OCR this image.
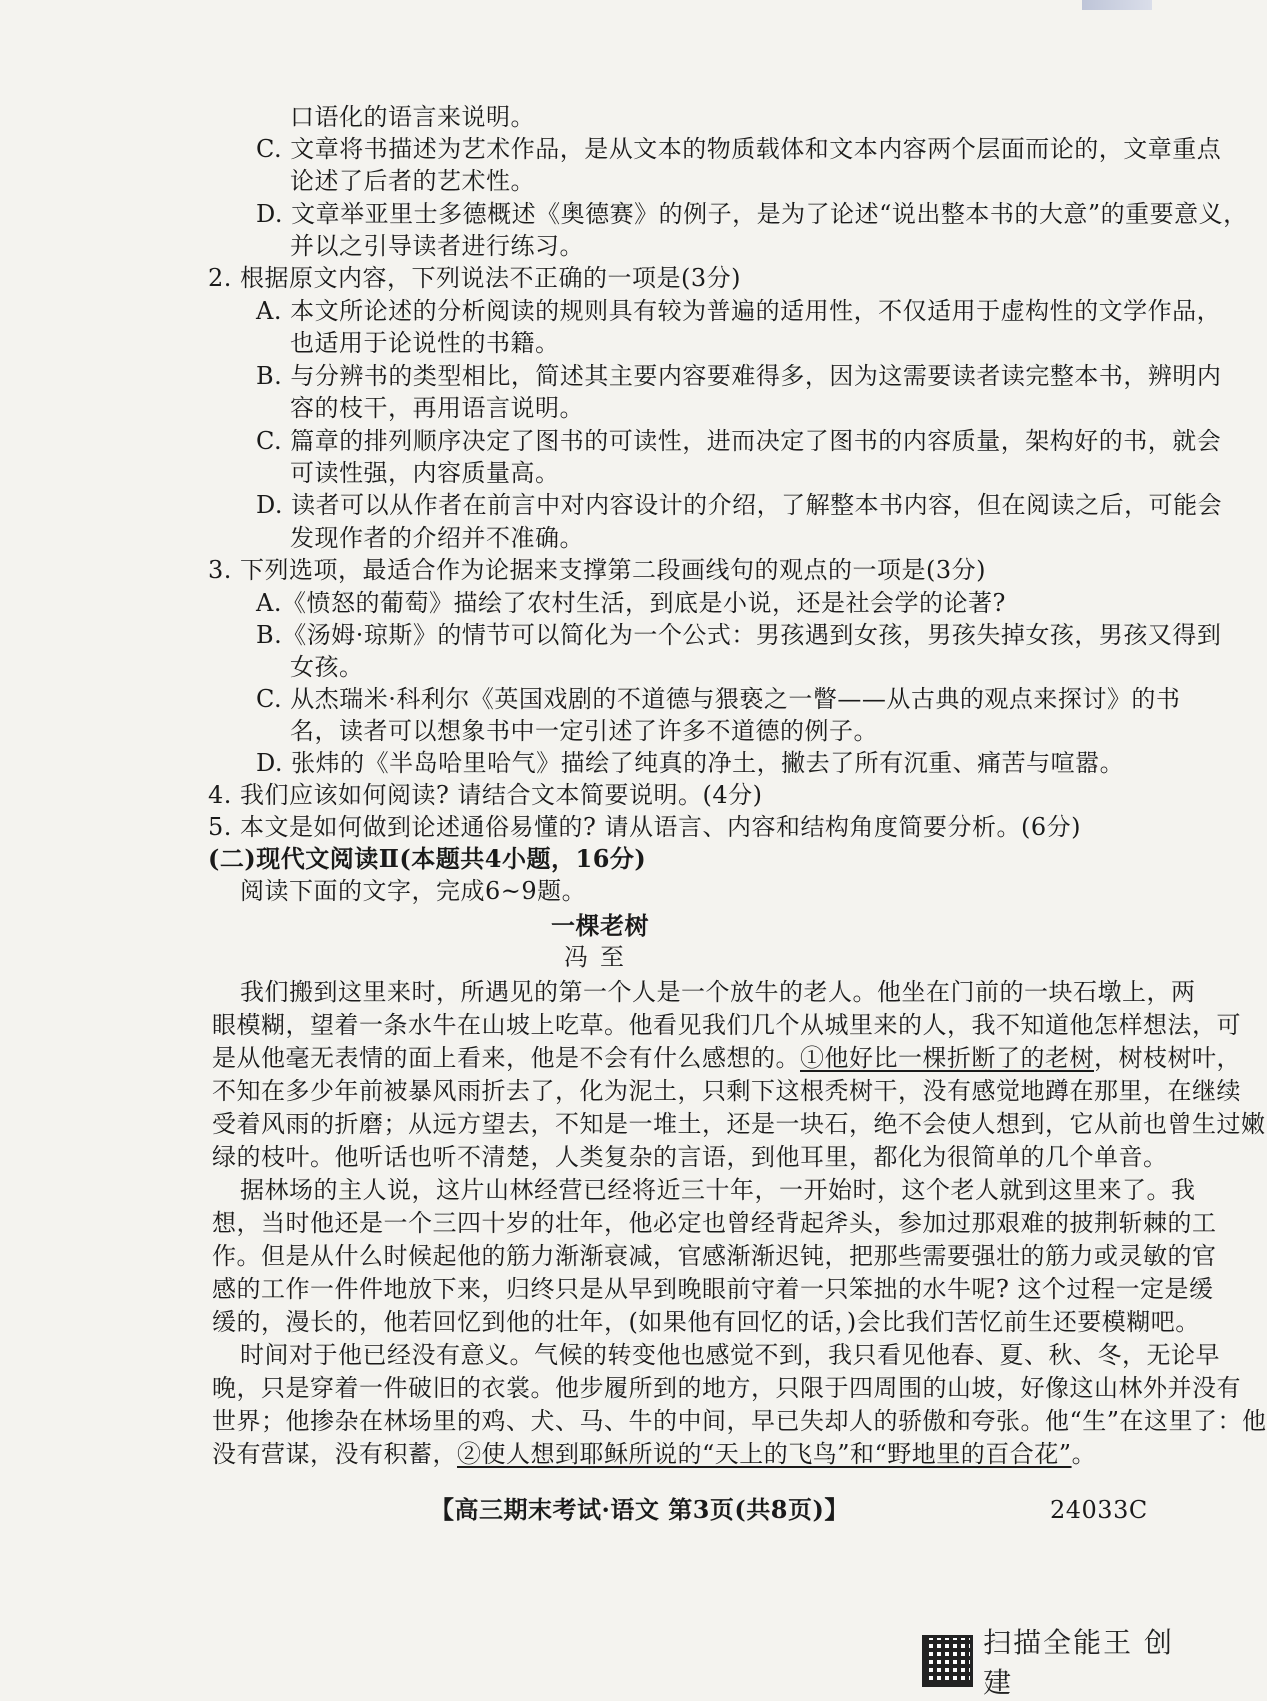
口语化的语言来说明。
C. 文章将书描述为艺术作品，是从文本的物质载体和文本内容两个层面而论的，文章重点
论述了后者的艺术性。
D. 文章举亚里士多德概述《奥德赛》的例子，是为了论述“说出整本书的大意”的重要意义，
并以之引导读者进行练习。
2. 根据原文内容，下列说法不正确的一项是(3分)
A. 本文所论述的分析阅读的规则具有较为普遍的适用性，不仅适用于虚构性的文学作品，
也适用于论说性的书籍。
B. 与分辨书的类型相比，简述其主要内容要难得多，因为这需要读者读完整本书，辨明内
容的枝干，再用语言说明。
C. 篇章的排列顺序决定了图书的可读性，进而决定了图书的内容质量，架构好的书，就会
可读性强，内容质量高。
D. 读者可以从作者在前言中对内容设计的介绍，了解整本书内容，但在阅读之后，可能会
发现作者的介绍并不准确。
3. 下列选项，最适合作为论据来支撑第二段画线句的观点的一项是(3分)
A.《愤怒的葡萄》描绘了农村生活，到底是小说，还是社会学的论著?
B.《汤姆·琼斯》的情节可以简化为一个公式：男孩遇到女孩，男孩失掉女孩，男孩又得到
女孩。
C. 从杰瑞米·科利尔《英国戏剧的不道德与猥亵之一瞥——从古典的观点来探讨》的书
名，读者可以想象书中一定引述了许多不道德的例子。
D. 张炜的《半岛哈里哈气》描绘了纯真的净土，撇去了所有沉重、痛苦与喧嚣。
4. 我们应该如何阅读? 请结合文本简要说明。(4分)
5. 本文是如何做到论述通俗易懂的? 请从语言、内容和结构角度简要分析。(6分)
(二)现代文阅读Ⅱ(本题共4小题，16分)
阅读下面的文字，完成6~9题。
一棵老树
冯至
我们搬到这里来时，所遇见的第一个人是一个放牛的老人。他坐在门前的一块石墩上，两
眼模糊，望着一条水牛在山坡上吃草。他看见我们几个从城里来的人，我不知道他怎样想法，可
是从他毫无表情的面上看来，他是不会有什么感想的。①他好比一棵折断了的老树，树枝树叶，
不知在多少年前被暴风雨折去了，化为泥土，只剩下这根秃树干，没有感觉地蹲在那里，在继续
受着风雨的折磨；从远方望去，不知是一堆土，还是一块石，绝不会使人想到，它从前也曾生过嫩
绿的枝叶。他听话也听不清楚，人类复杂的言语，到他耳里，都化为很简单的几个单音。
据林场的主人说，这片山林经营已经将近三十年，一开始时，这个老人就到这里来了。我
想，当时他还是一个三四十岁的壮年，他必定也曾经背起斧头，参加过那艰难的披荆斩棘的工
作。但是从什么时候起他的筋力渐渐衰减，官感渐渐迟钝，把那些需要强壮的筋力或灵敏的官
感的工作一件件地放下来，归终只是从早到晚眼前守着一只笨拙的水牛呢? 这个过程一定是缓
缓的，漫长的，他若回忆到他的壮年，(如果他有回忆的话，)会比我们苦忆前生还要模糊吧。
时间对于他已经没有意义。气候的转变他也感觉不到，我只看见他春、夏、秋、冬，无论早
晚，只是穿着一件破旧的衣裳。他步履所到的地方，只限于四周围的山坡，好像这山林外并没有
世界；他掺杂在林场里的鸡、犬、马、牛的中间，早已失却人的骄傲和夸张。他“生”在这里了：他
没有营谋，没有积蓄，②使人想到耶稣所说的“天上的飞鸟”和“野地里的百合花”。
【高三期末考试·语文 第3页(共8页)】	24033C
扫描全能王 创建
